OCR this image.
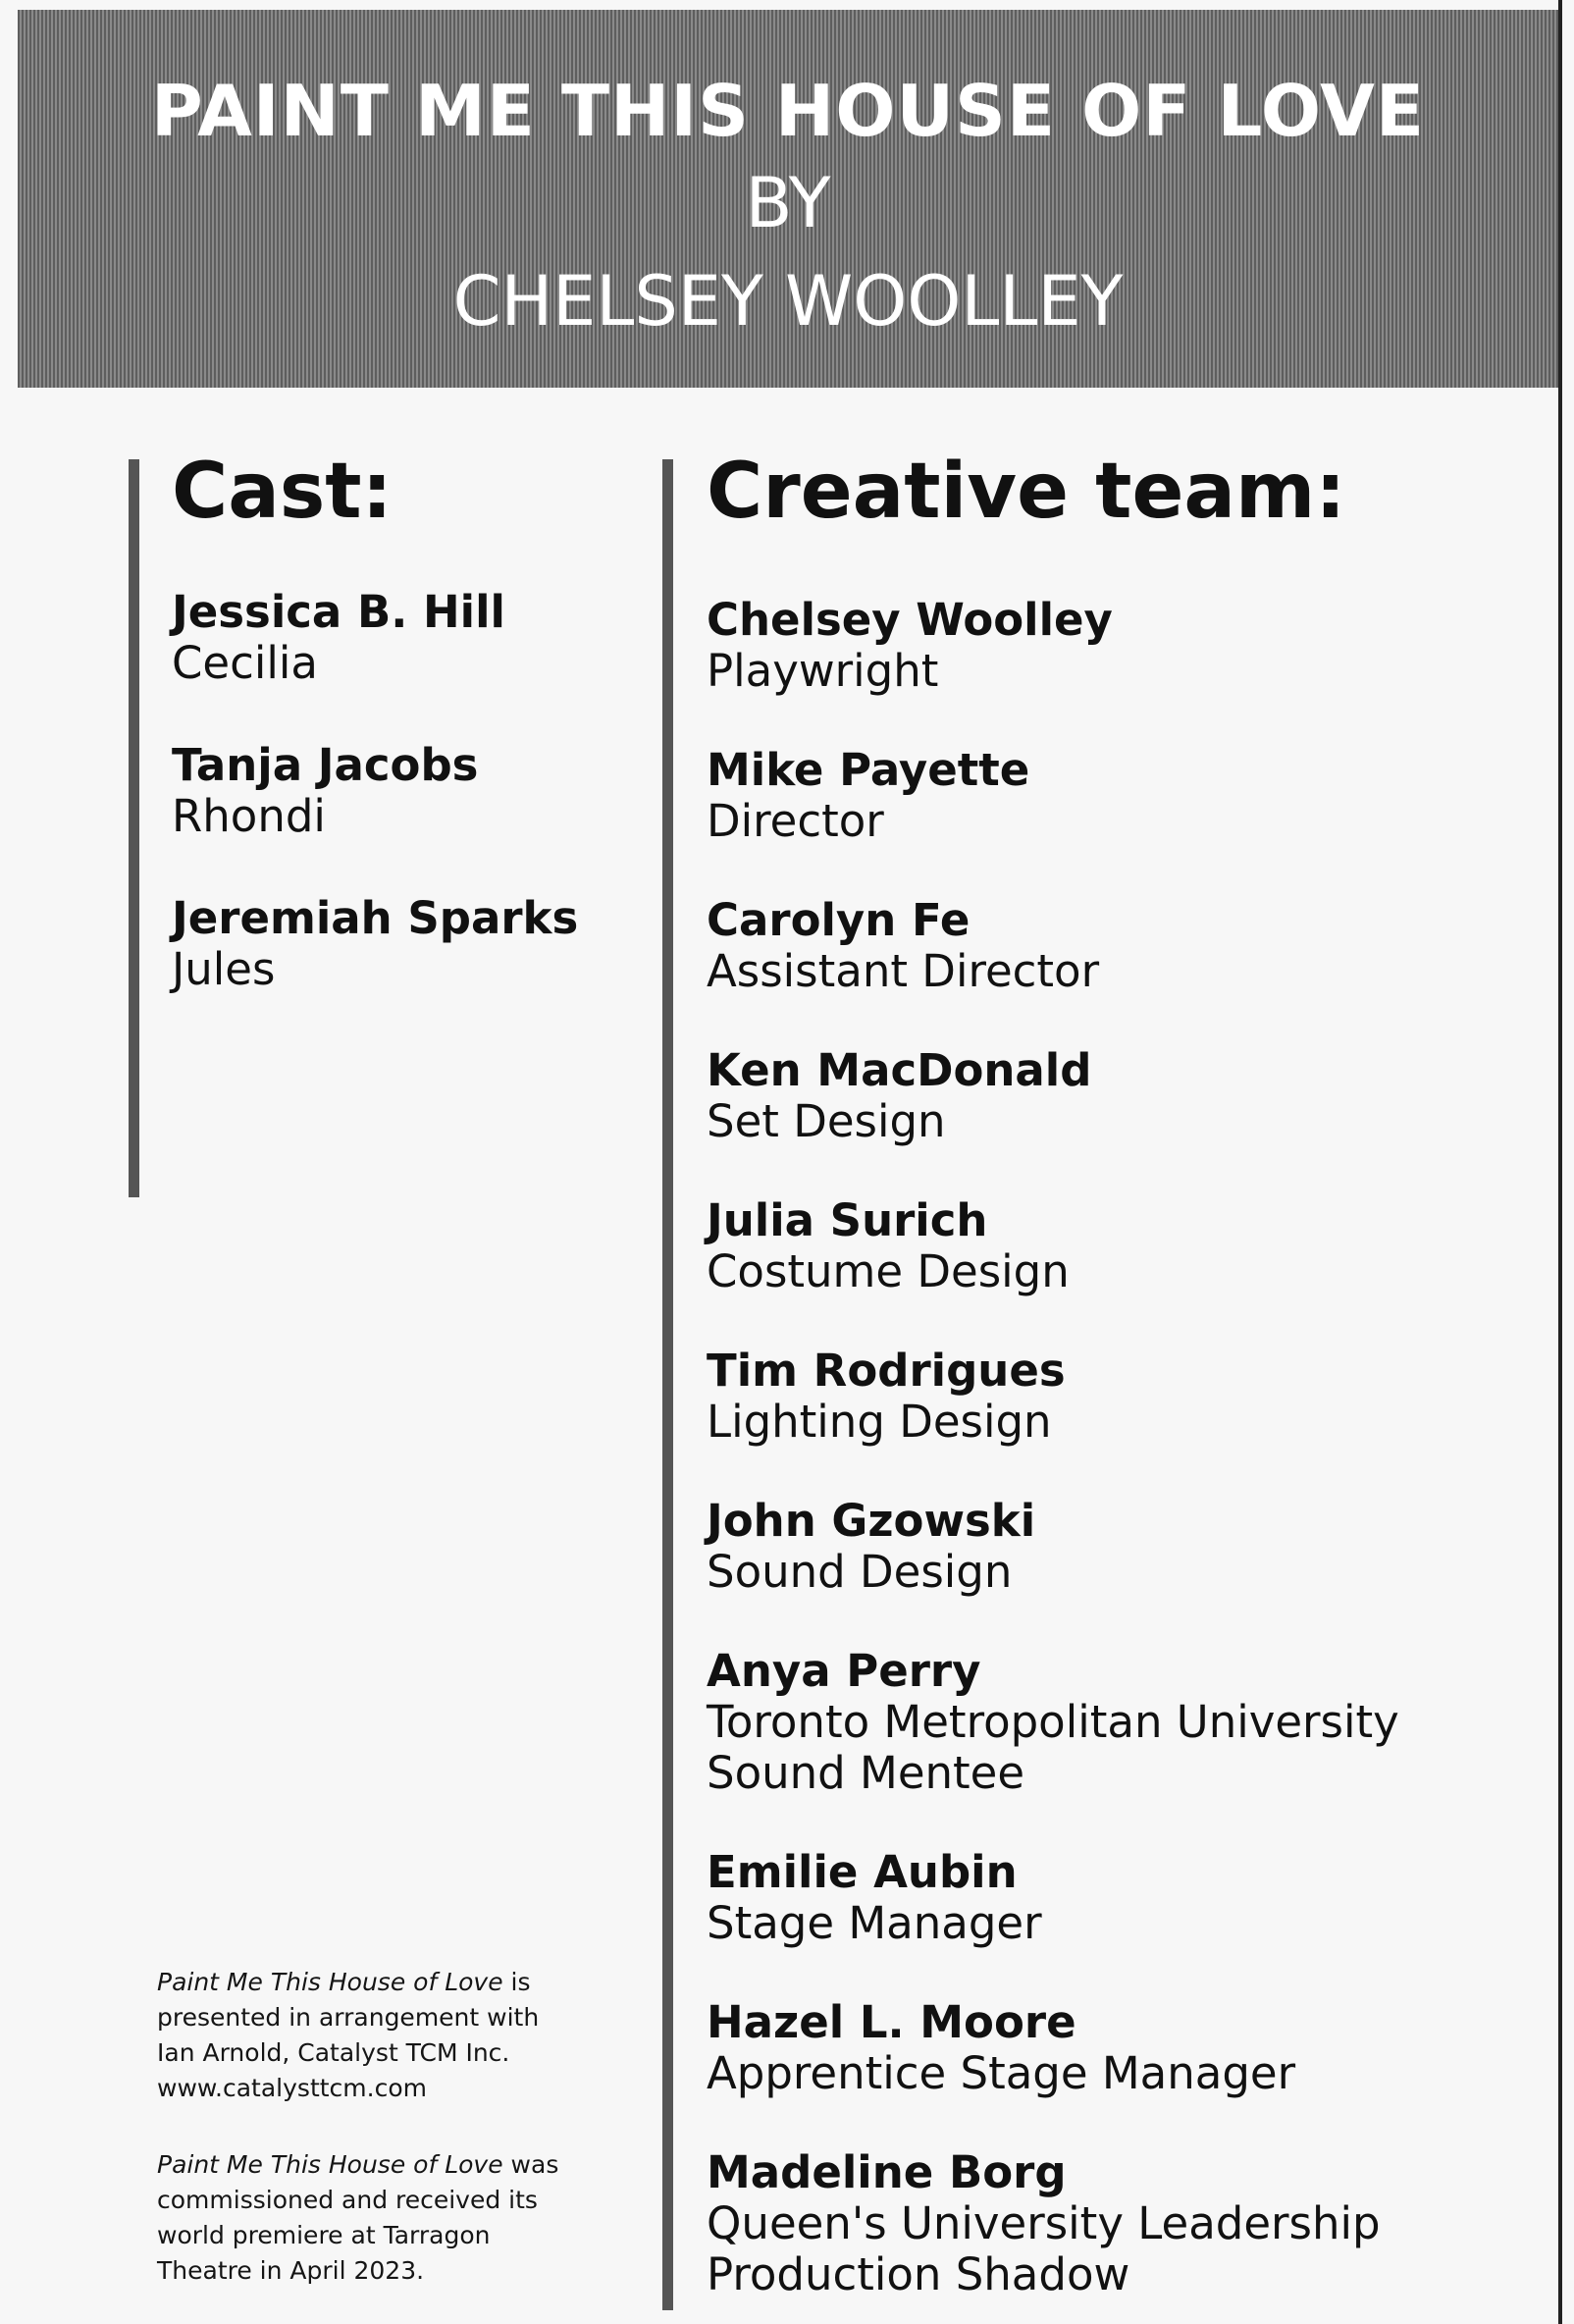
PAINT ME THIS HOUSE OF LOVE
BY
CHELSEY WOOLLEY
Cast:
Jessica B. Hill
Cecilia
Tanja Jacobs
Rhondi
Jeremiah Sparks
Jules
Creative team:
Chelsey Woolley
Playwright
Mike Payette
Director
Carolyn Fe
Assistant Director
Ken MacDonald
Set Design
Julia Surich
Costume Design
Tim Rodrigues
Lighting Design
John Gzowski
Sound Design
Anya Perry
Toronto Metropolitan University
Sound Mentee
Emilie Aubin
Stage Manager
Hazel L. Moore
Apprentice Stage Manager
Madeline Borg
Queen's University Leadership
Production Shadow
Paint Me This House of Love is
presented in arrangement with
Ian Arnold, Catalyst TCM Inc.
www.catalysttcm.com
Paint Me This House of Love was
commissioned and received its
world premiere at Tarragon
Theatre in April 2023.
